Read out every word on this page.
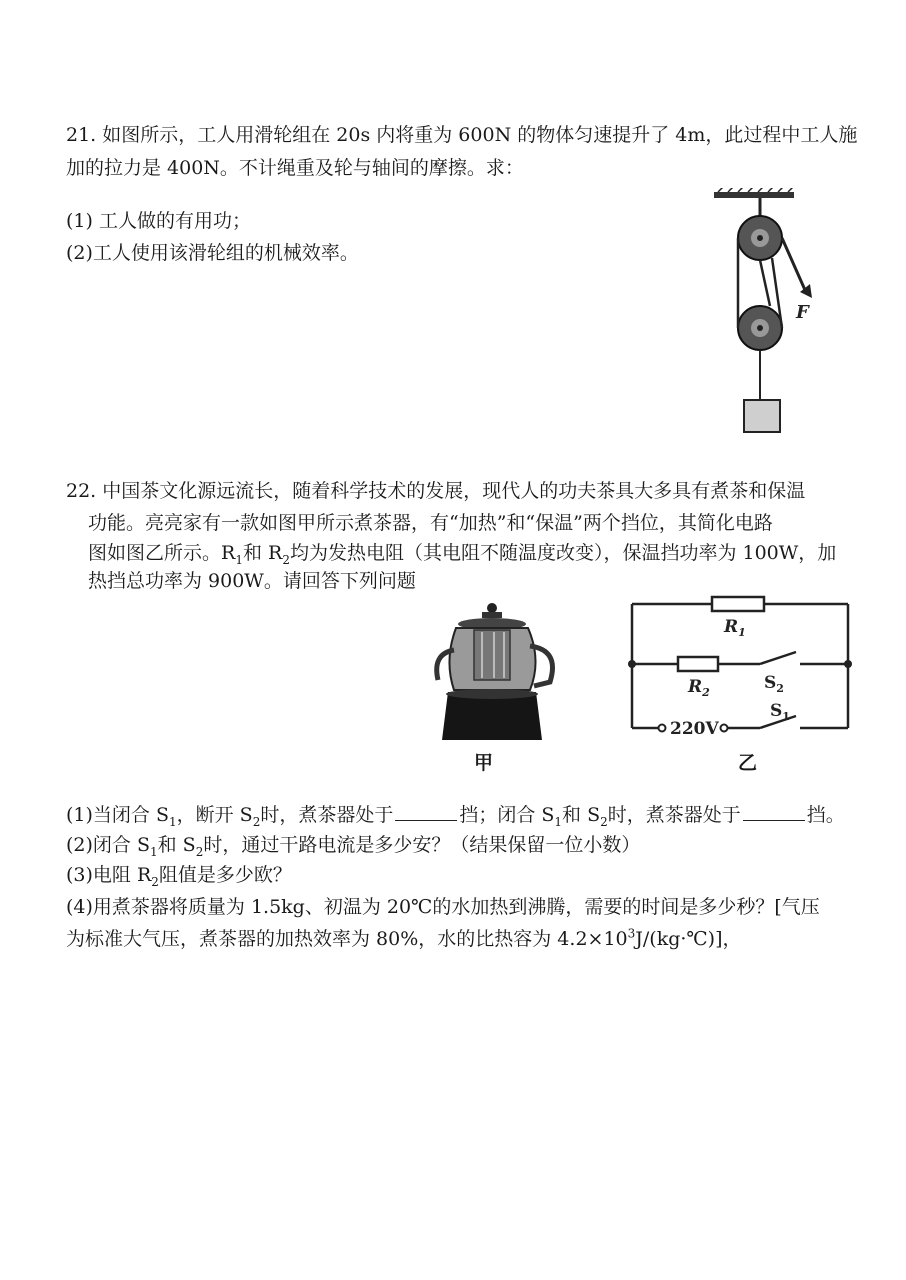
21. 如图所示，工人用滑轮组在 20s 内将重为 600N 的物体匀速提升了 4m，此过程中工人施
加的拉力是 400N。不计绳重及轮与轴间的摩擦。求：
(1) 工人做的有用功；
(2)工人使用该滑轮组的机械效率。
F
22. 中国茶文化源远流长，随着科学技术的发展，现代人的功夫茶具大多具有煮茶和保温
功能。亮亮家有一款如图甲所示煮茶器，有“加热”和“保温”两个挡位，其简化电路
图如图乙所示。$R_1$和 $R_2$均为发热电阻（其电阻不随温度改变），保温挡功率为 100W，加
热挡总功率为 900W。请回答下列问题
甲
$R_1$
$R_2$	$S_2$
$S_1$
220V
乙
(1)当闭合 $S_1$，断开 $S_2$时，煮茶器处于	挡；闭合 $S_1$和 $S_2$时，煮茶器处于	挡。
(2)闭合 $S_1$和 $S_2$时，通过干路电流是多少安？（结果保留一位小数）
(3)电阻 $R_2$阻值是多少欧？
(4)用煮茶器将质量为 1.5kg、初温为 20℃的水加热到沸腾，需要的时间是多少秒？[气压
为标准大气压，煮茶器的加热效率为 80%，水的比热容为 $4.2\times 10^3J/(kg\cdot℃)$]，
